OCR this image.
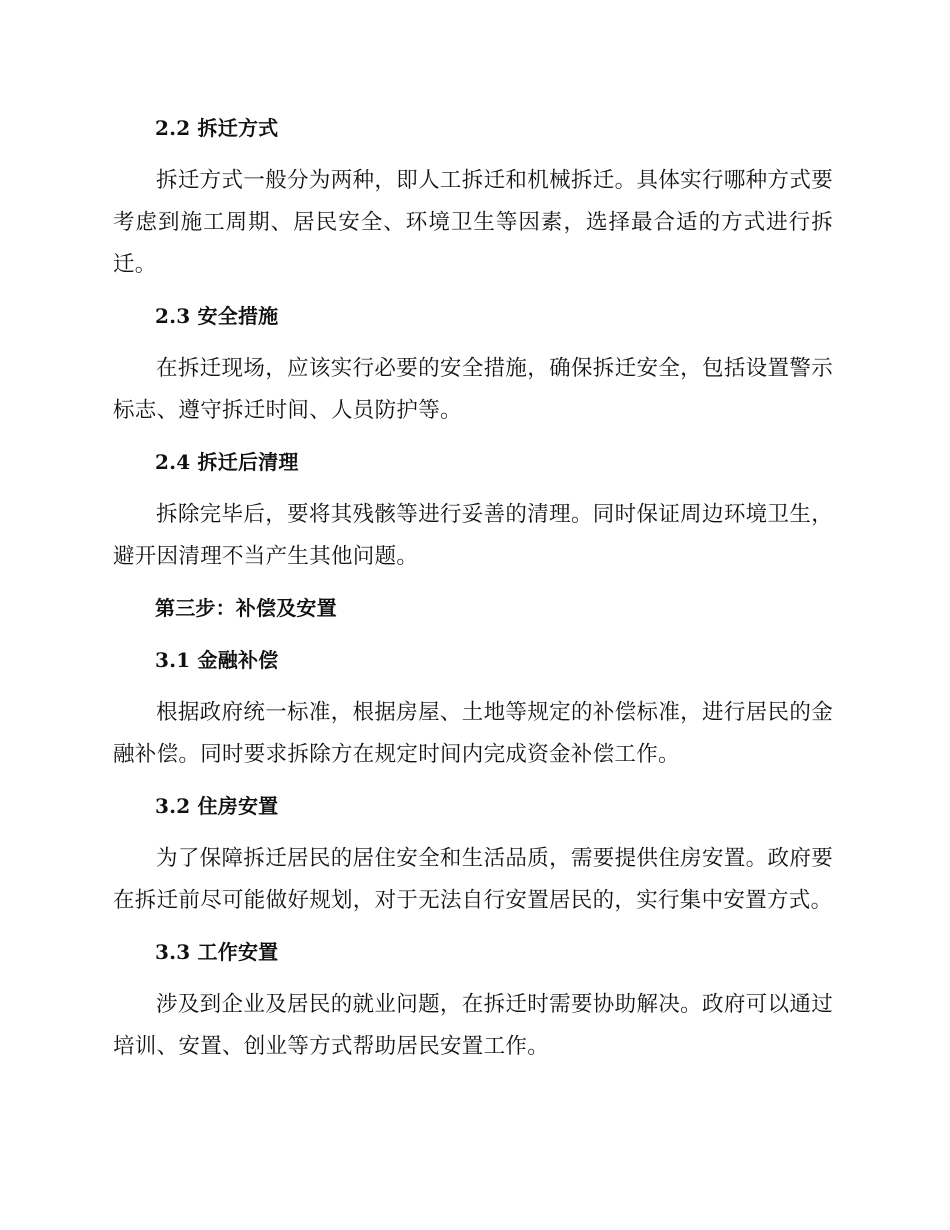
2.2 拆迁方式

拆迁方式一般分为两种，即人工拆迁和机械拆迁。具体实行哪种方式要考虑到施工周期、居民安全、环境卫生等因素，选择最合适的方式进行拆迁。

2.3 安全措施

在拆迁现场，应该实行必要的安全措施，确保拆迁安全，包括设置警示标志、遵守拆迁时间、人员防护等。

2.4 拆迁后清理

拆除完毕后，要将其残骸等进行妥善的清理。同时保证周边环境卫生，避开因清理不当产生其他问题。

第三步：补偿及安置
3.1 金融补偿

根据政府统一标准，根据房屋、土地等规定的补偿标准，进行居民的金融补偿。同时要求拆除方在规定时间内完成资金补偿工作。

3.2 住房安置

为了保障拆迁居民的居住安全和生活品质，需要提供住房安置。政府要在拆迁前尽可能做好规划，对于无法自行安置居民的，实行集中安置方式。

3.3 工作安置

涉及到企业及居民的就业问题，在拆迁时需要协助解决。政府可以通过培训、安置、创业等方式帮助居民安置工作。
